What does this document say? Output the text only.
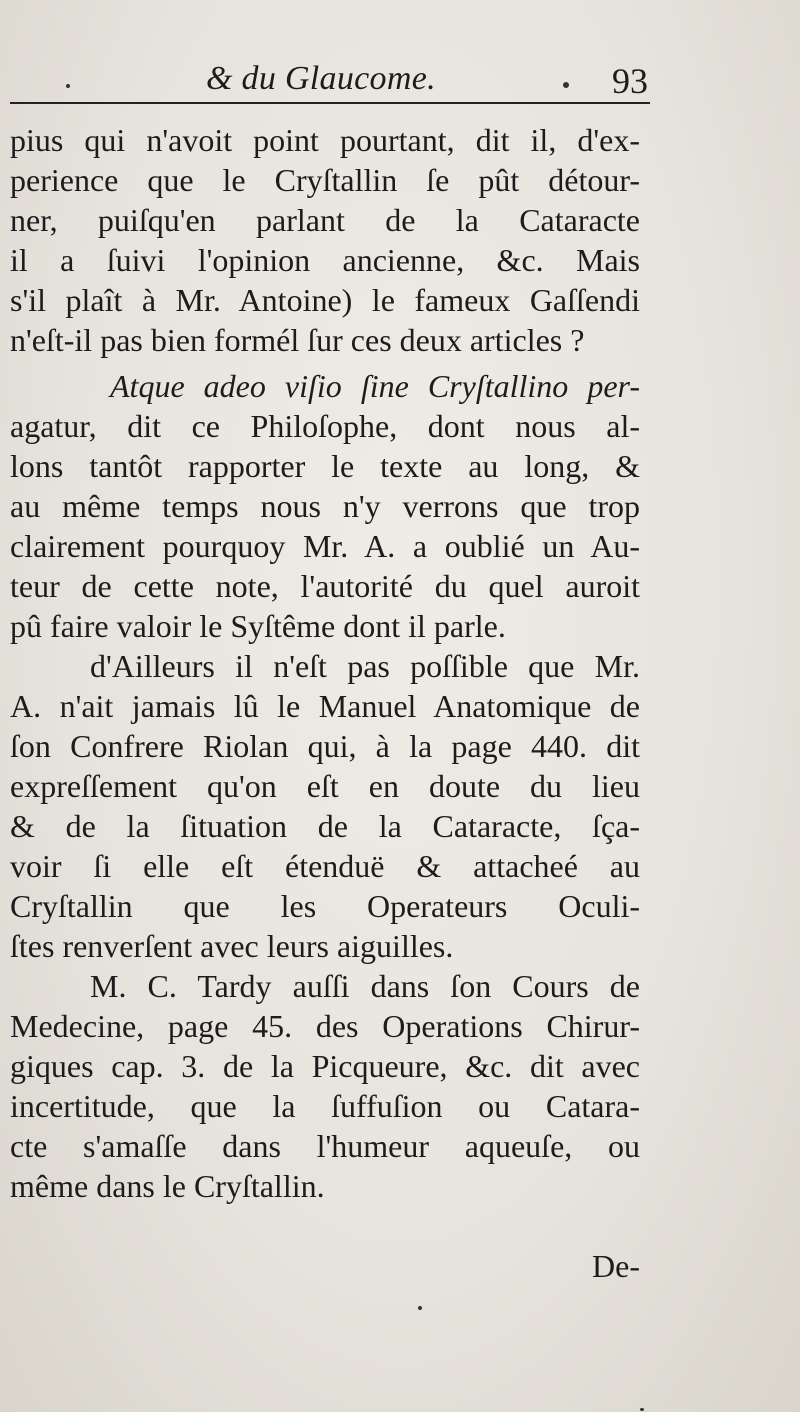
& du Glaucome.	93
pius qui n'avoit point pourtant, dit il, d'ex-
perience que le Cryſtallin ſe pût détour-
ner, puiſqu'en parlant de la Cataracte
il a ſuivi l'opinion ancienne, &c. Mais
s'il plaît à Mr. Antoine) le fameux Gaſſendi
n'eſt-il pas bien formél ſur ces deux articles ?
Atque adeo viſio ſine Cryſtallino per-
agatur, dit ce Philoſophe, dont nous al-
lons tantôt rapporter le texte au long, &
au même temps nous n'y verrons que trop
clairement pourquoy Mr. A. a oublié un Au-
teur de cette note, l'autorité du quel auroit
pû faire valoir le Syſtême dont il parle.
d'Ailleurs il n'eſt pas poſſible que Mr.
A. n'ait jamais lû le Manuel Anatomique de
ſon Confrere Riolan qui, à la page 440. dit
expreſſement qu'on eſt en doute du lieu
& de la ſituation de la Cataracte, ſça-
voir ſi elle eſt étenduë & attacheé au
Cryſtallin que les Operateurs Oculi-
ſtes renverſent avec leurs aiguilles.
M. C. Tardy auſſi dans ſon Cours de
Medecine, page 45. des Operations Chirur-
giques cap. 3. de la Picqueure, &c. dit avec
incertitude, que la ſuffuſion ou Catara-
cte s'amaſſe dans l'humeur aqueuſe, ou
même dans le Cryſtallin.
De-
